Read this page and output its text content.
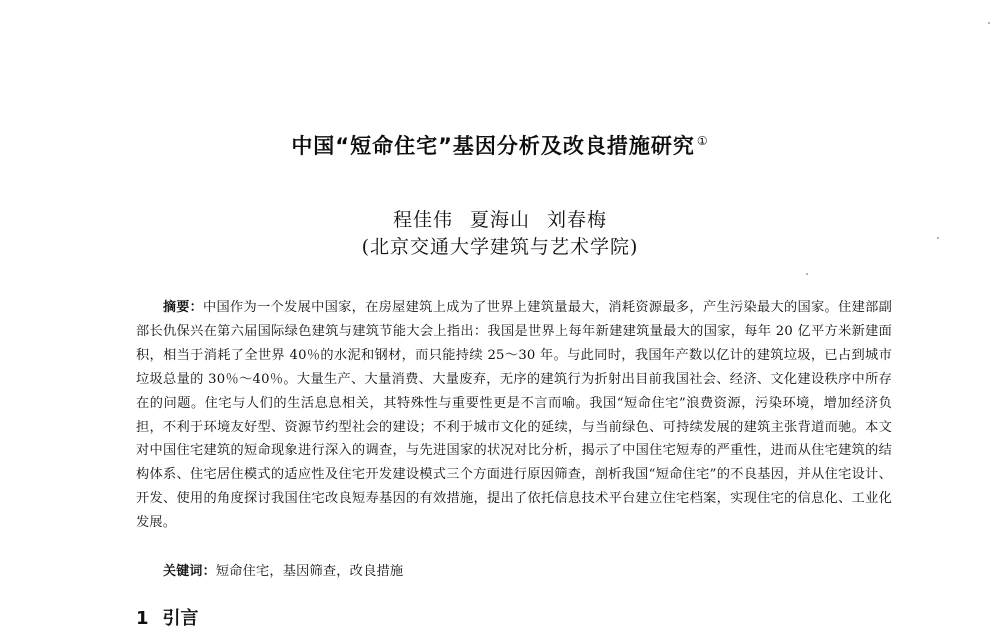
中国“短命住宅”基因分析及改良措施研究 ①
程佳伟 夏海山 刘春梅
(北京交通大学建筑与艺术学院)
摘要：中国作为一个发展中国家，在房屋建筑上成为了世界上建筑量最大，消耗资源最多，产生污染最大的国家。住建部副部长仇保兴在第六届国际绿色建筑与建筑节能大会上指出：我国是世界上每年新建建筑量最大的国家，每年 20 亿平方米新建面积，相当于消耗了全世界 40％的水泥和钢材，而只能持续 25～30 年。与此同时，我国年产数以亿计的建筑垃圾，已占到城市垃圾总量的 30％～40％。大量生产、大量消费、大量废弃，无序的建筑行为折射出目前我国社会、经济、文化建设秩序中所存在的问题。住宅与人们的生活息息相关，其特殊性与重要性更是不言而喻。我国“短命住宅”浪费资源，污染环境，增加经济负担，不利于环境友好型、资源节约型社会的建设；不利于城市文化的延续，与当前绿色、可持续发展的建筑主张背道而驰。本文对中国住宅建筑的短命现象进行深入的调查，与先进国家的状况对比分析，揭示了中国住宅短寿的严重性，进而从住宅建筑的结构体系、住宅居住模式的适应性及住宅开发建设模式三个方面进行原因筛查，剖析我国“短命住宅”的不良基因，并从住宅设计、开发、使用的角度探讨我国住宅改良短寿基因的有效措施，提出了依托信息技术平台建立住宅档案，实现住宅的信息化、工业化发展。
关键词：短命住宅，基因筛查，改良措施
1 引言
